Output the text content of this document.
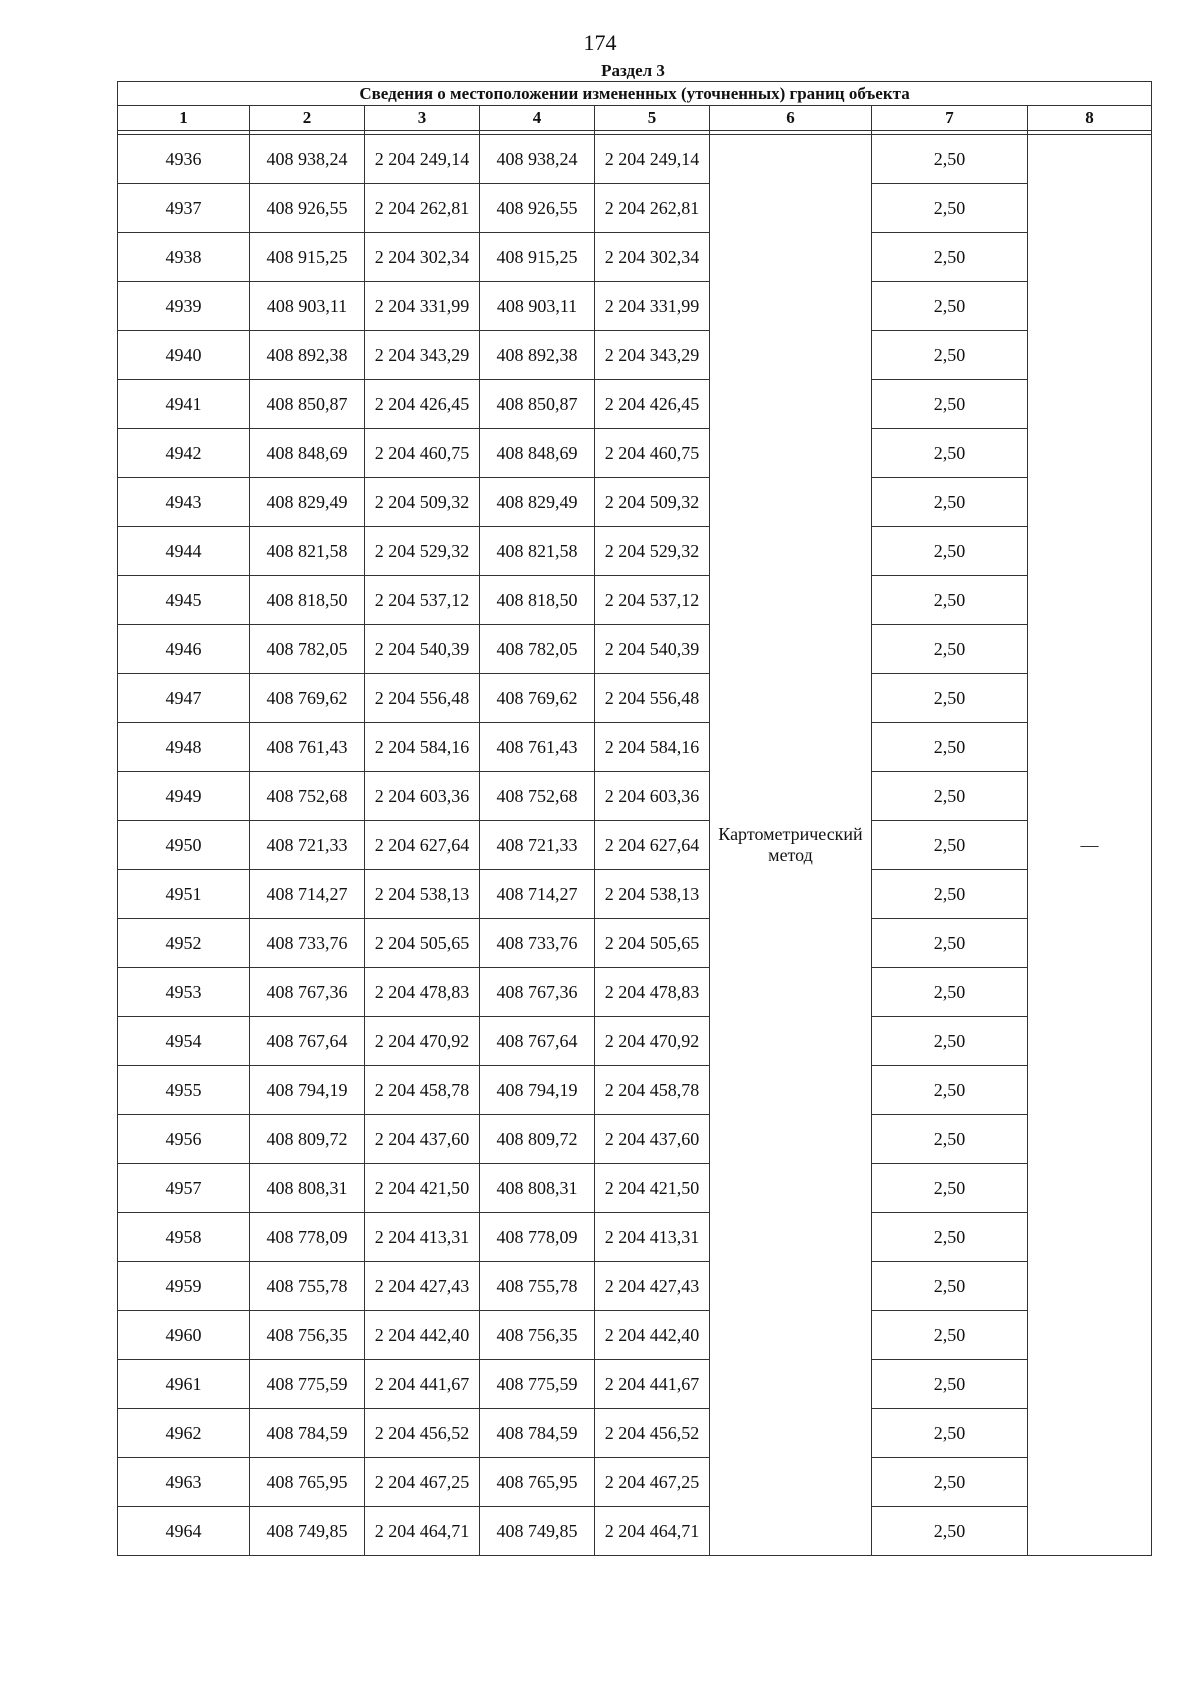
174
Раздел 3
Сведения о местоположении измененных (уточненных) границ объекта							
1	2	3	4	5	6	7	8

4936	408 938,24	2 204 249,14	408 938,24	2 204 249,14	Картометрический метод	2,50	—
4937	408 926,55	2 204 262,81	408 926,55	2 204 262,81		2,50	
4938	408 915,25	2 204 302,34	408 915,25	2 204 302,34		2,50	
4939	408 903,11	2 204 331,99	408 903,11	2 204 331,99		2,50	
4940	408 892,38	2 204 343,29	408 892,38	2 204 343,29		2,50	
4941	408 850,87	2 204 426,45	408 850,87	2 204 426,45		2,50	
4942	408 848,69	2 204 460,75	408 848,69	2 204 460,75		2,50	
4943	408 829,49	2 204 509,32	408 829,49	2 204 509,32		2,50	
4944	408 821,58	2 204 529,32	408 821,58	2 204 529,32		2,50	
4945	408 818,50	2 204 537,12	408 818,50	2 204 537,12		2,50	
4946	408 782,05	2 204 540,39	408 782,05	2 204 540,39		2,50	
4947	408 769,62	2 204 556,48	408 769,62	2 204 556,48		2,50	
4948	408 761,43	2 204 584,16	408 761,43	2 204 584,16		2,50	
4949	408 752,68	2 204 603,36	408 752,68	2 204 603,36		2,50	
4950	408 721,33	2 204 627,64	408 721,33	2 204 627,64		2,50	
4951	408 714,27	2 204 538,13	408 714,27	2 204 538,13		2,50	
4952	408 733,76	2 204 505,65	408 733,76	2 204 505,65		2,50	
4953	408 767,36	2 204 478,83	408 767,36	2 204 478,83		2,50	
4954	408 767,64	2 204 470,92	408 767,64	2 204 470,92		2,50	
4955	408 794,19	2 204 458,78	408 794,19	2 204 458,78		2,50	
4956	408 809,72	2 204 437,60	408 809,72	2 204 437,60		2,50	
4957	408 808,31	2 204 421,50	408 808,31	2 204 421,50		2,50	
4958	408 778,09	2 204 413,31	408 778,09	2 204 413,31		2,50	
4959	408 755,78	2 204 427,43	408 755,78	2 204 427,43		2,50	
4960	408 756,35	2 204 442,40	408 756,35	2 204 442,40		2,50	
4961	408 775,59	2 204 441,67	408 775,59	2 204 441,67		2,50	
4962	408 784,59	2 204 456,52	408 784,59	2 204 456,52		2,50	
4963	408 765,95	2 204 467,25	408 765,95	2 204 467,25		2,50	
4964	408 749,85	2 204 464,71	408 749,85	2 204 464,71		2,50	
